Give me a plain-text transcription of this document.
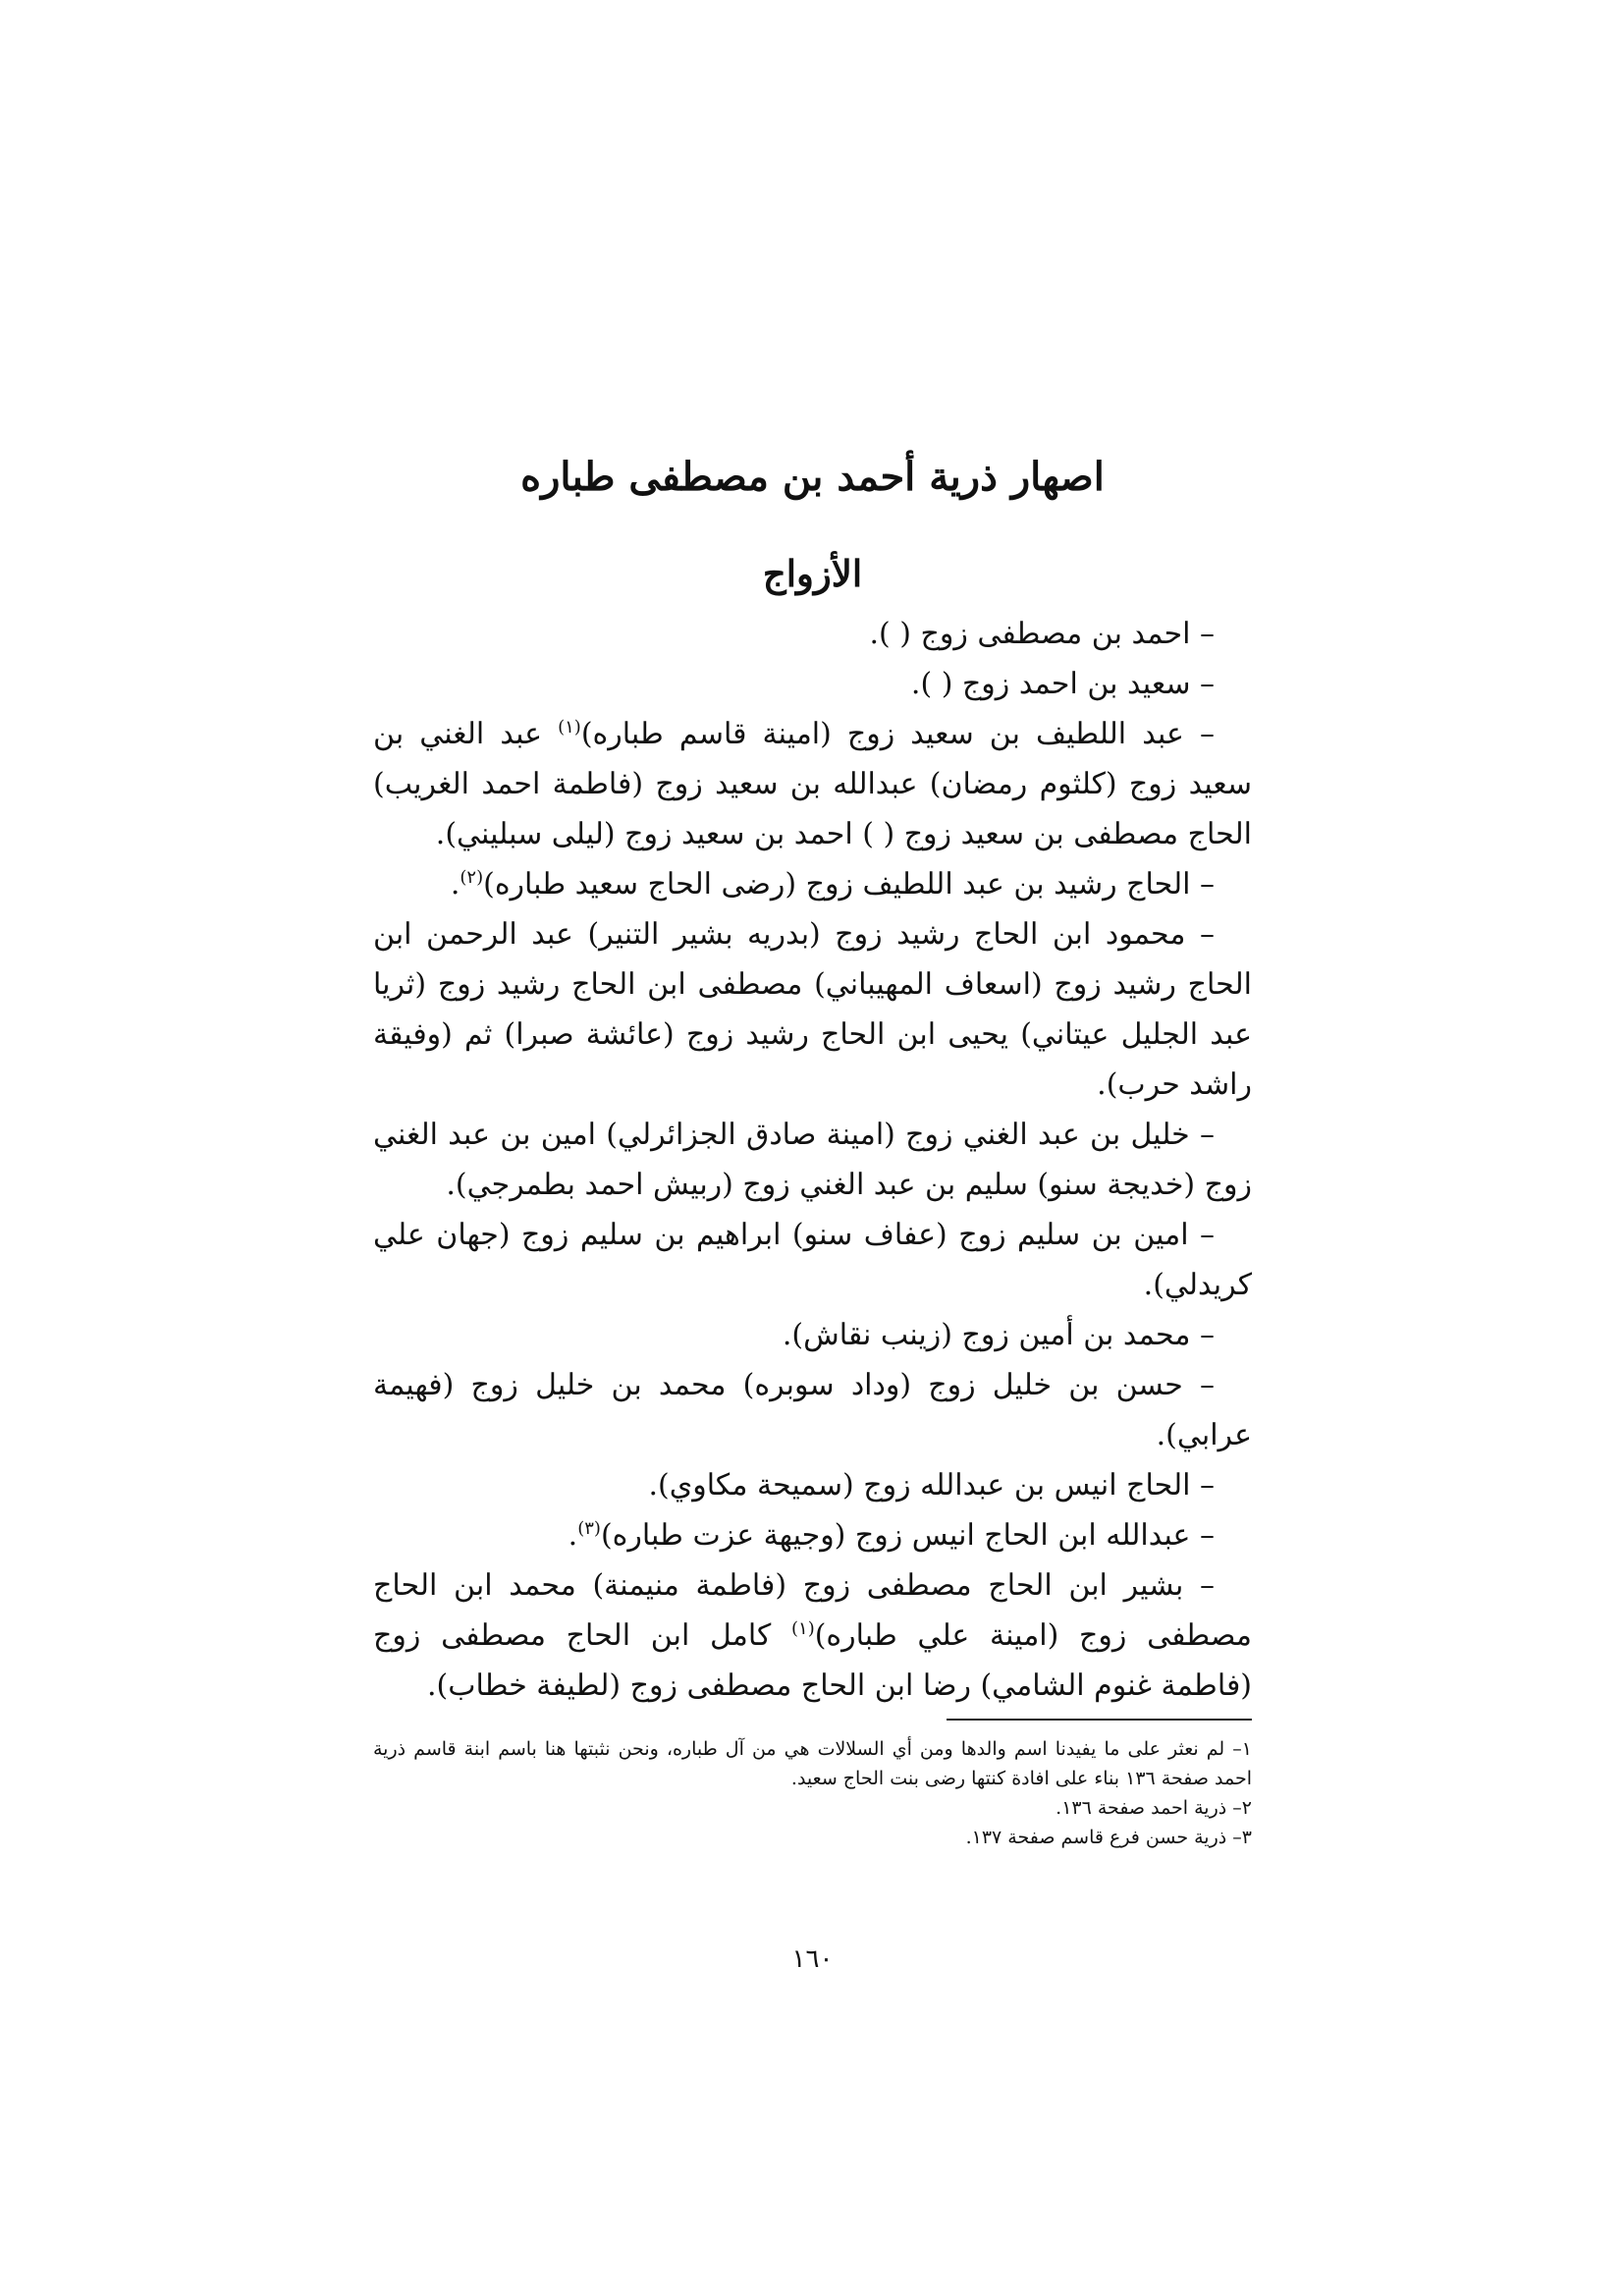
اصهار ذرية أحمد بن مصطفى طباره
الأزواج

– احمد بن مصطفى زوج ( ).

– سعيد بن احمد زوج ( ).

– عبد اللطيف بن سعيد زوج (امينة قاسم طباره)$^{(١)}$ عبد الغني بن سعيد زوج (كلثوم رمضان) عبدالله بن سعيد زوج (فاطمة احمد الغريب) الحاج مصطفى بن سعيد زوج ( ) احمد بن سعيد زوج (ليلى سبليني).

– الحاج رشيد بن عبد اللطيف زوج (رضى الحاج سعيد طباره)$^{(٢)}$.

– محمود ابن الحاج رشيد زوج (بدريه بشير التنير) عبد الرحمن ابن الحاج رشيد زوج (اسعاف المهيباني) مصطفى ابن الحاج رشيد زوج (ثريا عبد الجليل عيتاني) يحيى ابن الحاج رشيد زوج (عائشة صبرا) ثم (وفيقة راشد حرب).

– خليل بن عبد الغني زوج (امينة صادق الجزائرلي) امين بن عبد الغني زوج (خديجة سنو) سليم بن عبد الغني زوج (ربيش احمد بطمرجي).

– امين بن سليم زوج (عفاف سنو) ابراهيم بن سليم زوج (جهان علي كريدلي).

– محمد بن أمين زوج (زينب نقاش).

– حسن بن خليل زوج (وداد سوبره) محمد بن خليل زوج (فهيمة عرابي).

– الحاج انيس بن عبدالله زوج (سميحة مكاوي).

– عبدالله ابن الحاج انيس زوج (وجيهة عزت طباره)$^{(٣)}$.

– بشير ابن الحاج مصطفى زوج (فاطمة منيمنة) محمد ابن الحاج مصطفى زوج (امينة علي طباره)$^{(١)}$ كامل ابن الحاج مصطفى زوج (فاطمة غنوم الشامي) رضا ابن الحاج مصطفى زوج (لطيفة خطاب).

١– لم نعثر على ما يفيدنا اسم والدها ومن أي السلالات هي من آل طباره، ونحن نثبتها هنا باسم ابنة قاسم ذرية احمد صفحة ١٣٦ بناء على افادة كنتها رضى بنت الحاج سعيد.

٢– ذرية احمد صفحة ١٣٦.

٣– ذرية حسن فرع قاسم صفحة ١٣٧.

١٦٠
